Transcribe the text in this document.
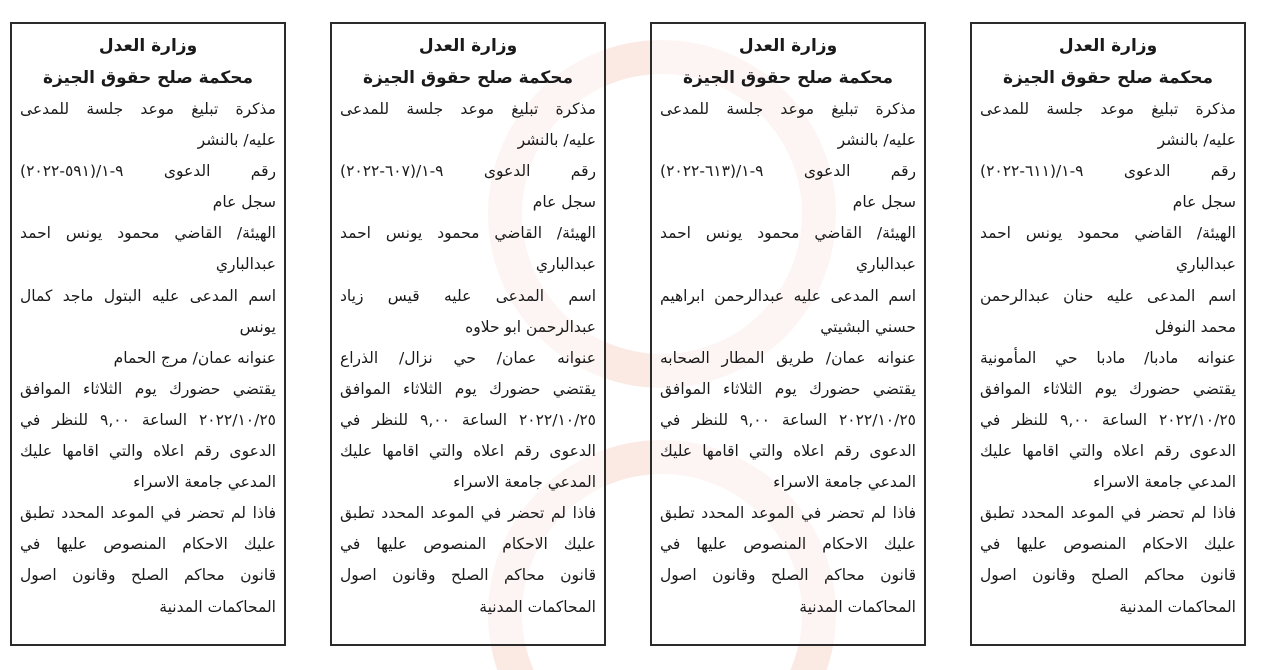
وزارة العدل

محكمة صلح حقوق الجيزة

مذكرة تبليغ موعد جلسة للمدعى

عليه/ بالنشر

رقم الدعوى ٩-١/(٦١١-٢٠٢٢)

سجل عام

الهيئة/ القاضي محمود يونس احمد

عبدالباري

اسم المدعى عليه حنان عبدالرحمن

محمد النوفل

عنوانه مادبا/ مادبا حي المأمونية

يقتضي حضورك يوم الثلاثاء الموافق

٢٠٢٢/١٠/٢٥ الساعة ٩,٠٠ للنظر في

الدعوى رقم اعلاه والتي اقامها عليك

المدعي جامعة الاسراء

فاذا لم تحضر في الموعد المحدد تطبق

عليك الاحكام المنصوص عليها في

قانون محاكم الصلح وقانون اصول

المحاكمات المدنية

وزارة العدل

محكمة صلح حقوق الجيزة

مذكرة تبليغ موعد جلسة للمدعى

عليه/ بالنشر

رقم الدعوى ٩-١/(٦١٣-٢٠٢٢)

سجل عام

الهيئة/ القاضي محمود يونس احمد

عبدالباري

اسم المدعى عليه عبدالرحمن ابراهيم

حسني البشيتي

عنوانه عمان/ طريق المطار الصحابه

يقتضي حضورك يوم الثلاثاء الموافق

٢٠٢٢/١٠/٢٥ الساعة ٩,٠٠ للنظر في

الدعوى رقم اعلاه والتي اقامها عليك

المدعي جامعة الاسراء

فاذا لم تحضر في الموعد المحدد تطبق

عليك الاحكام المنصوص عليها في

قانون محاكم الصلح وقانون اصول

المحاكمات المدنية

وزارة العدل

محكمة صلح حقوق الجيزة

مذكرة تبليغ موعد جلسة للمدعى

عليه/ بالنشر

رقم الدعوى ٩-١/(٦٠٧-٢٠٢٢)

سجل عام

الهيئة/ القاضي محمود يونس احمد

عبدالباري

اسم المدعى عليه قيس زياد

عبدالرحمن ابو حلاوه

عنوانه عمان/ حي نزال/ الذراع

يقتضي حضورك يوم الثلاثاء الموافق

٢٠٢٢/١٠/٢٥ الساعة ٩,٠٠ للنظر في

الدعوى رقم اعلاه والتي اقامها عليك

المدعي جامعة الاسراء

فاذا لم تحضر في الموعد المحدد تطبق

عليك الاحكام المنصوص عليها في

قانون محاكم الصلح وقانون اصول

المحاكمات المدنية

وزارة العدل

محكمة صلح حقوق الجيزة

مذكرة تبليغ موعد جلسة للمدعى

عليه/ بالنشر

رقم الدعوى ٩-١/(٥٩١-٢٠٢٢)

سجل عام

الهيئة/ القاضي محمود يونس احمد

عبدالباري

اسم المدعى عليه البتول ماجد كمال

يونس

عنوانه عمان/ مرج الحمام

يقتضي حضورك يوم الثلاثاء الموافق

٢٠٢٢/١٠/٢٥ الساعة ٩,٠٠ للنظر في

الدعوى رقم اعلاه والتي اقامها عليك

المدعي جامعة الاسراء

فاذا لم تحضر في الموعد المحدد تطبق

عليك الاحكام المنصوص عليها في

قانون محاكم الصلح وقانون اصول

المحاكمات المدنية
